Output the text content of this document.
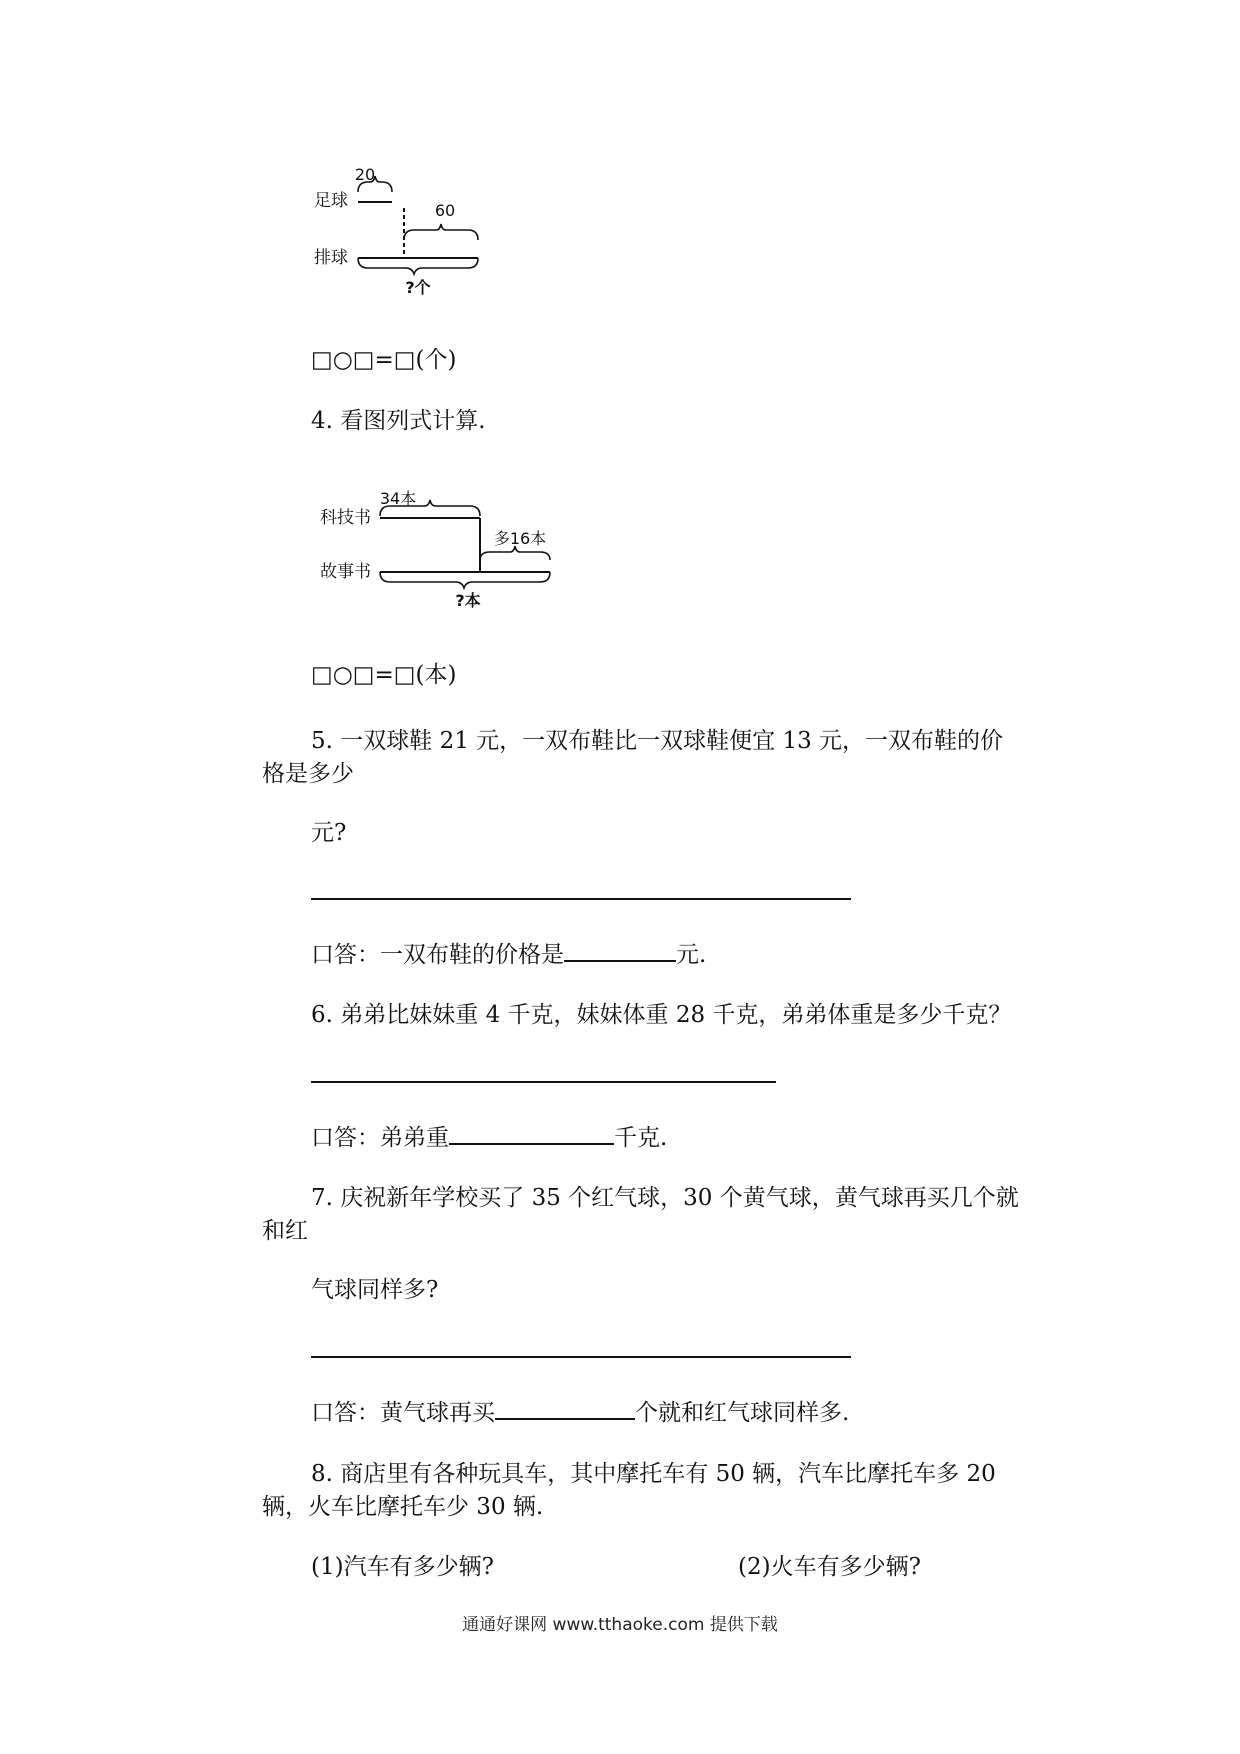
20
足球	60
排球
?个
□○□=□(个)
4. 看图列式计算.
34本
科技书
多16本
故事书
?本
□○□=□(本)
5. 一双球鞋 21 元，一双布鞋比一双球鞋便宜 13 元，一双布鞋的价
格是多少
元?
口答：一双布鞋的价格是	元.
6. 弟弟比妹妹重 4 千克，妹妹体重 28 千克，弟弟体重是多少千克？
口答：弟弟重	千克.
7. 庆祝新年学校买了 35 个红气球，30 个黄气球，黄气球再买几个就
和红
气球同样多?
口答：黄气球再买	个就和红气球同样多.
8. 商店里有各种玩具车，其中摩托车有 50 辆，汽车比摩托车多 20
辆，火车比摩托车少 30 辆.
(1)汽车有多少辆?	(2)火车有多少辆?
通通好课网 www.tthaoke.com 提供下载
